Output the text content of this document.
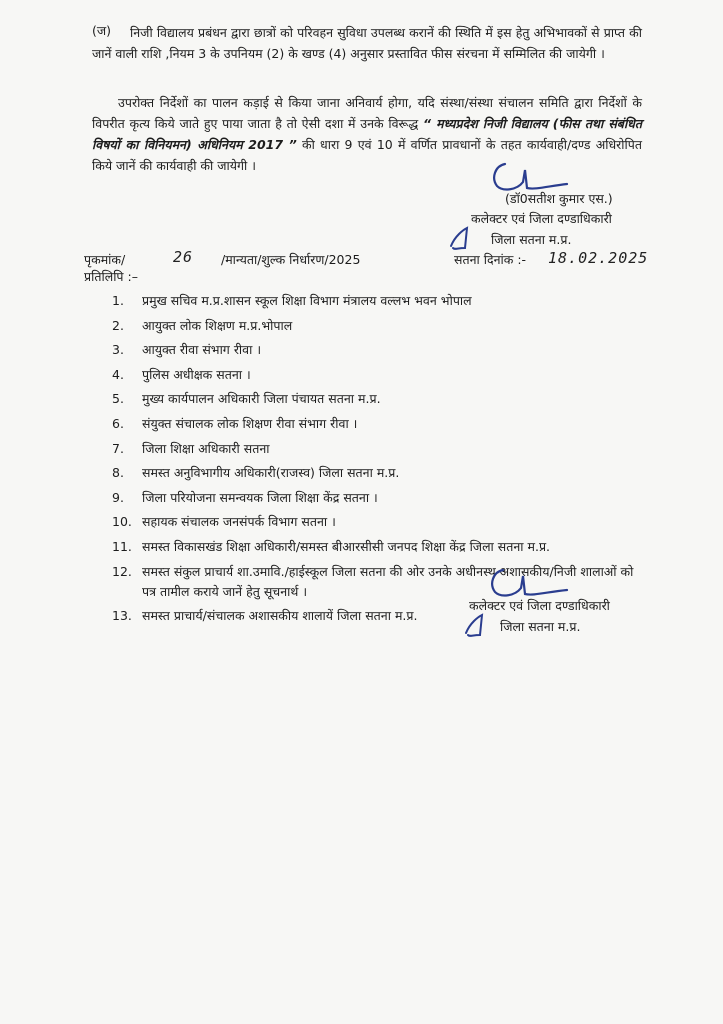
(ज)	निजी विद्यालय प्रबंधन द्वारा छात्रों को परिवहन सुविधा उपलब्ध करानें की स्थिति में इस हेतु अभिभावकों से प्राप्त की जानें वाली राशि ,नियम 3 के उपनियम (2) के खण्ड (4) अनुसार प्रस्तावित फीस संरचना में सम्मिलित की जायेगी ।
उपरोक्त निर्देशों का पालन कड़ाई से किया जाना अनिवार्य होगा, यदि संस्था/संस्था संचालन समिति द्वारा निर्देशों के विपरीत कृत्य किये जाते हुए पाया जाता है तो ऐसी दशा में उनके विरूद्ध “ मध्यप्रदेश निजी विद्यालय (फीस तथा संबंधित विषयों का विनियमन) अधिनियम 2017 ” की धारा 9 एवं 10 में वर्णित प्रावधानों के तहत कार्यवाही/दण्ड अधिरोपित किये जानें की कार्यवाही की जायेगी ।
(डॉ0सतीश कुमार एस.)
कलेक्टर एवं जिला दण्डाधिकारी
जिला सतना म.प्र.
पृकमांक/	26 /मान्यता/शुल्क निर्धारण/2025	सतना दिनांक :- 18.02.2025
प्रतिलिपि :–
1. प्रमुख सचिव म.प्र.शासन स्कूल शिक्षा विभाग मंत्रालय वल्लभ भवन भोपाल
2. आयुक्त लोक शिक्षण म.प्र.भोपाल
3. आयुक्त रीवा संभाग रीवा ।
4. पुलिस अधीक्षक सतना ।
5. मुख्य कार्यपालन अधिकारी जिला पंचायत सतना म.प्र.
6. संयुक्त संचालक लोक शिक्षण रीवा संभाग रीवा ।
7. जिला शिक्षा अधिकारी सतना
8. समस्त अनुविभागीय अधिकारी(राजस्व) जिला सतना म.प्र.
9. जिला परियोजना समन्वयक जिला शिक्षा केंद्र सतना ।
10. सहायक संचालक जनसंपर्क विभाग सतना ।
11. समस्त विकासखंड शिक्षा अधिकारी/समस्त बीआरसीसी जनपद शिक्षा केंद्र जिला सतना म.प्र.
12. समस्त संकुल प्राचार्य शा.उमावि./हाईस्कूल जिला सतना की ओर उनके अधीनस्थ अशासकीय/निजी शालाओं को पत्र तामील कराये जानें हेतु सूचनार्थ ।
13. समस्त प्राचार्य/संचालक अशासकीय शालायें जिला सतना म.प्र.
कलेक्टर एवं जिला दण्डाधिकारी
जिला सतना म.प्र.
